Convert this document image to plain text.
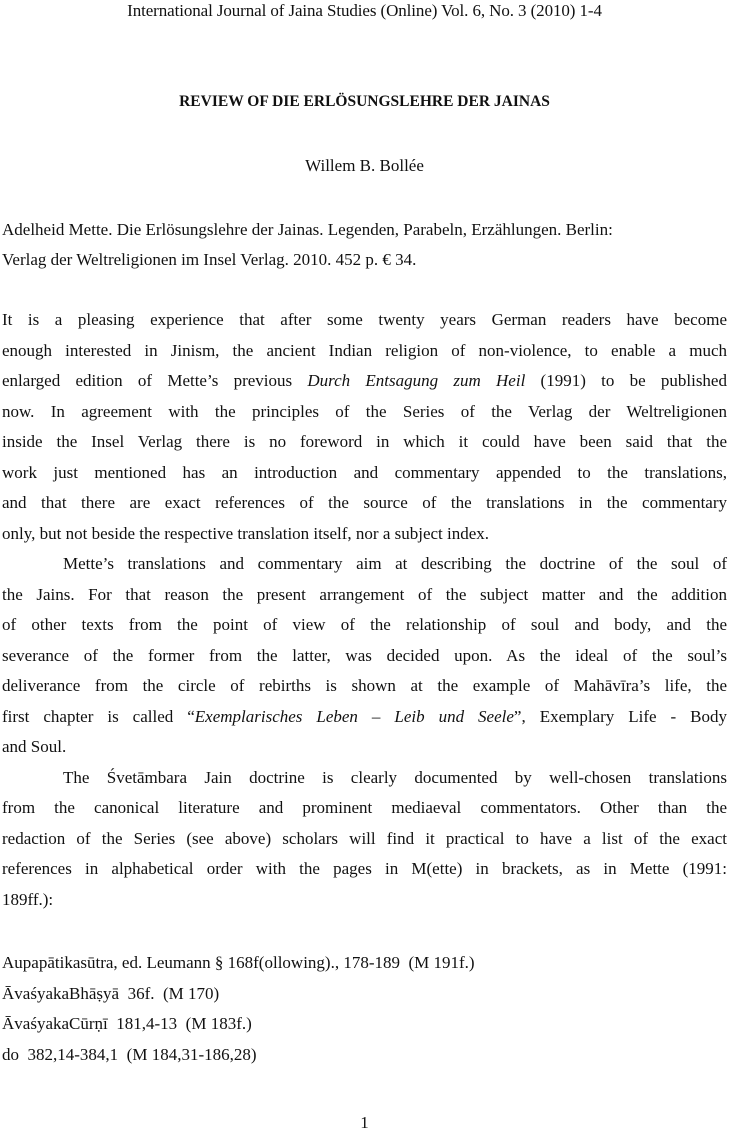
International Journal of Jaina Studies (Online) Vol. 6, No. 3 (2010) 1-4
REVIEW OF DIE ERLÖSUNGSLEHRE DER JAINAS
Willem B. Bollée
Adelheid Mette. Die Erlösungslehre der Jainas. Legenden, Parabeln, Erzählungen. Berlin:
Verlag der Weltreligionen im Insel Verlag. 2010. 452 p. € 34.
It is a pleasing experience that after some twenty years German readers have become
enough interested in Jinism, the ancient Indian religion of non-violence, to enable a much
enlarged edition of Mette’s previous Durch Entsagung zum Heil (1991) to be published
now. In agreement with the principles of the Series of the Verlag der Weltreligionen
inside the Insel Verlag there is no foreword in which it could have been said that the
work just mentioned has an introduction and commentary appended to the translations,
and that there are exact references of the source of the translations in the commentary
only, but not beside the respective translation itself, nor a subject index.
Mette’s translations and commentary aim at describing the doctrine of the soul of
the Jains. For that reason the present arrangement of the subject matter and the addition
of other texts from the point of view of the relationship of soul and body, and the
severance of the former from the latter, was decided upon. As the ideal of the soul’s
deliverance from the circle of rebirths is shown at the example of Mahāvīra’s life, the
first chapter is called “Exemplarisches Leben – Leib und Seele”, Exemplary Life - Body
and Soul.
The Śvetāmbara Jain doctrine is clearly documented by well-chosen translations
from the canonical literature and prominent mediaeval commentators. Other than the
redaction of the Series (see above) scholars will find it practical to have a list of the exact
references in alphabetical order with the pages in M(ette) in brackets, as in Mette (1991:
189ff.):
Aupapātikasūtra, ed. Leumann § 168f(ollowing)., 178-189  (M 191f.)
ĀvaśyakaBhāṣyā  36f.  (M 170)
ĀvaśyakaCūrṇī  181,4-13  (M 183f.)
do  382,14-384,1  (M 184,31-186,28)
1
